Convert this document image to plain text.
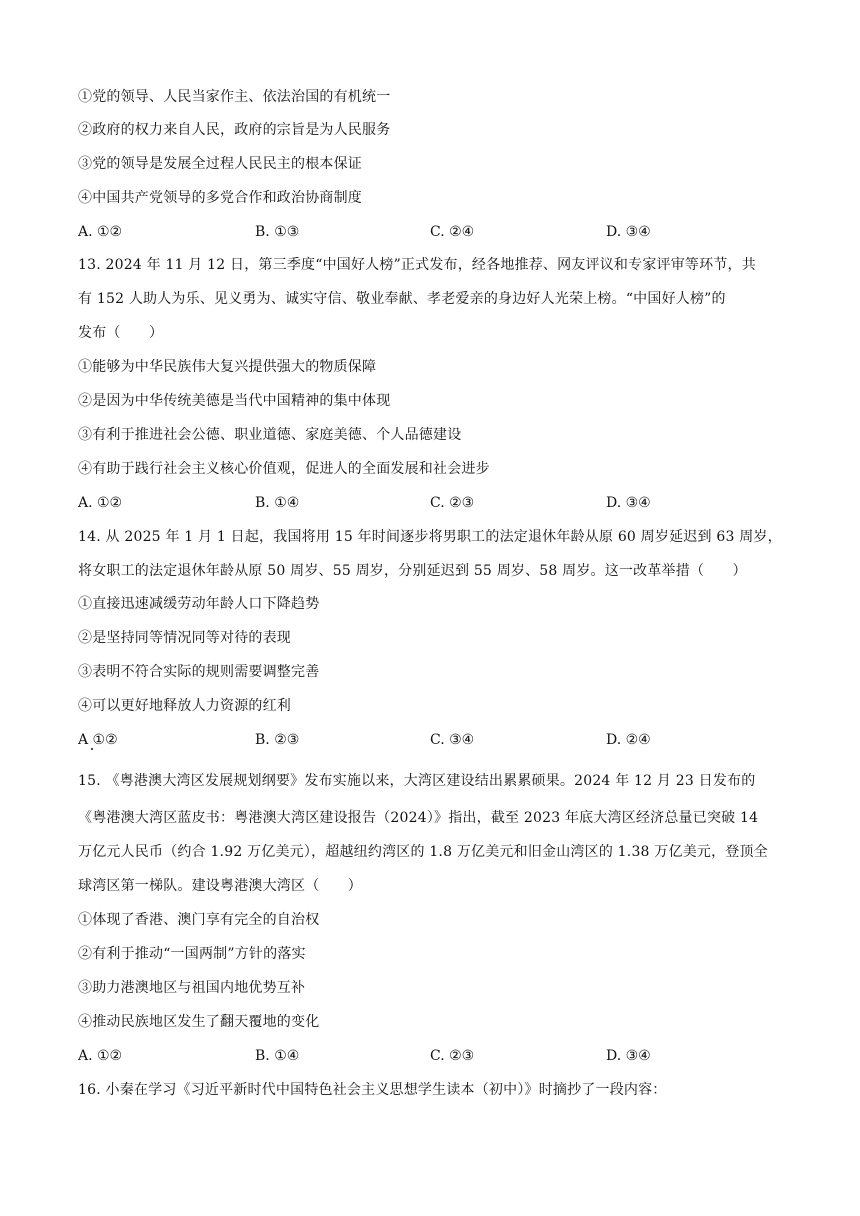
①党的领导、人民当家作主、依法治国的有机统一
②政府的权力来自人民，政府的宗旨是为人民服务
③党的领导是发展全过程人民民主的根本保证
④中国共产党领导的多党合作和政治协商制度
A. ①②	B. ①③	C. ②④	D. ③④
13. 2024 年 11 月 12 日，第三季度“中国好人榜”正式发布，经各地推荐、网友评议和专家评审等环节，共
有 152 人助人为乐、见义勇为、诚实守信、敬业奉献、孝老爱亲的身边好人光荣上榜。“中国好人榜”的
发布（　　）
①能够为中华民族伟大复兴提供强大的物质保障
②是因为中华传统美德是当代中国精神的集中体现
③有利于推进社会公德、职业道德、家庭美德、个人品德建设
④有助于践行社会主义核心价值观，促进人的全面发展和社会进步
A. ①②	B. ①④	C. ②③	D. ③④
14. 从 2025 年 1 月 1 日起，我国将用 15 年时间逐步将男职工的法定退休年龄从原 60 周岁延迟到 63 周岁，
将女职工的法定退休年龄从原 50 周岁、55 周岁，分别延迟到 55 周岁、58 周岁。这一改革举措（　　）
①直接迅速减缓劳动年龄人口下降趋势
②是坚持同等情况同等对待的表现
③表明不符合实际的规则需要调整完善
④可以更好地释放人力资源的红利
A ①②	B. ②③	C. ③④	D. ②④
15. 《粤港澳大湾区发展规划纲要》发布实施以来，大湾区建设结出累累硕果。2024 年 12 月 23 日发布的
《粤港澳大湾区蓝皮书：粤港澳大湾区建设报告（2024）》指出，截至 2023 年底大湾区经济总量已突破 14
万亿元人民币（约合 1.92 万亿美元），超越纽约湾区的 1.8 万亿美元和旧金山湾区的 1.38 万亿美元，登顶全
球湾区第一梯队。建设粤港澳大湾区（　　）
①体现了香港、澳门享有完全的自治权
②有利于推动“一国两制”方针的落实
③助力港澳地区与祖国内地优势互补
④推动民族地区发生了翻天覆地的变化
A. ①②	B. ①④	C. ②③	D. ③④
16. 小秦在学习《习近平新时代中国特色社会主义思想学生读本（初中）》时摘抄了一段内容：
